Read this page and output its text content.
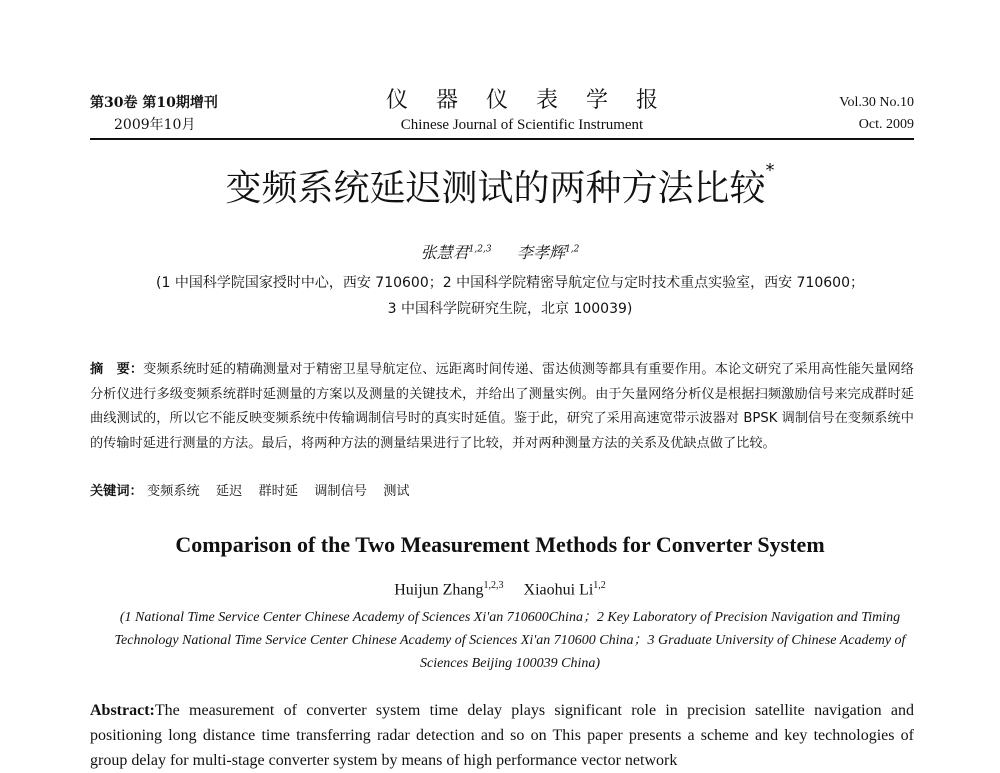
第30卷 第10期增刊
2009年10月
仪器仪表学报
Chinese Journal of Scientific Instrument
Vol.30 No.10
Oct. 2009
变频系统延迟测试的两种方法比较*
张慧君$^{1,2,3}$ 李孝辉$^{1,2}$
(1 中国科学院国家授时中心，西安 710600；2 中国科学院精密导航定位与定时技术重点实验室，西安 710600；
3 中国科学院研究生院，北京 100039)
摘　要：变频系统时延的精确测量对于精密卫星导航定位、远距离时间传递、雷达侦测等都具有重要作用。本论文研究了采用高性能矢量网络分析仪进行多级变频系统群时延测量的方案以及测量的关键技术，并给出了测量实例。由于矢量网络分析仪是根据扫频激励信号来完成群时延曲线测试的，所以它不能反映变频系统中传输调制信号时的真实时延值。鉴于此，研究了采用高速宽带示波器对 BPSK 调制信号在变频系统中的传输时延进行测量的方法。最后，将两种方法的测量结果进行了比较，并对两种测量方法的关系及优缺点做了比较。
关键词： 变频系统 延迟 群时延 调制信号 测试
Comparison of the Two Measurement Methods for Converter System
Huijun Zhang$^{1,2,3}$ Xiaohui Li$^{1,2}$
(1 National Time Service Center Chinese Academy of Sciences Xi'an 710600China；2 Key Laboratory of Precision Navigation and Timing Technology National Time Service Center Chinese Academy of Sciences Xi'an 710600 China；3 Graduate University of Chinese Academy of Sciences Beijing 100039 China)
Abstract:The measurement of converter system time delay plays significant role in precision satellite navigation and positioning long distance time transferring radar detection and so on This paper presents a scheme and key technologies of group delay for multi-stage converter system by means of high performance vector network
